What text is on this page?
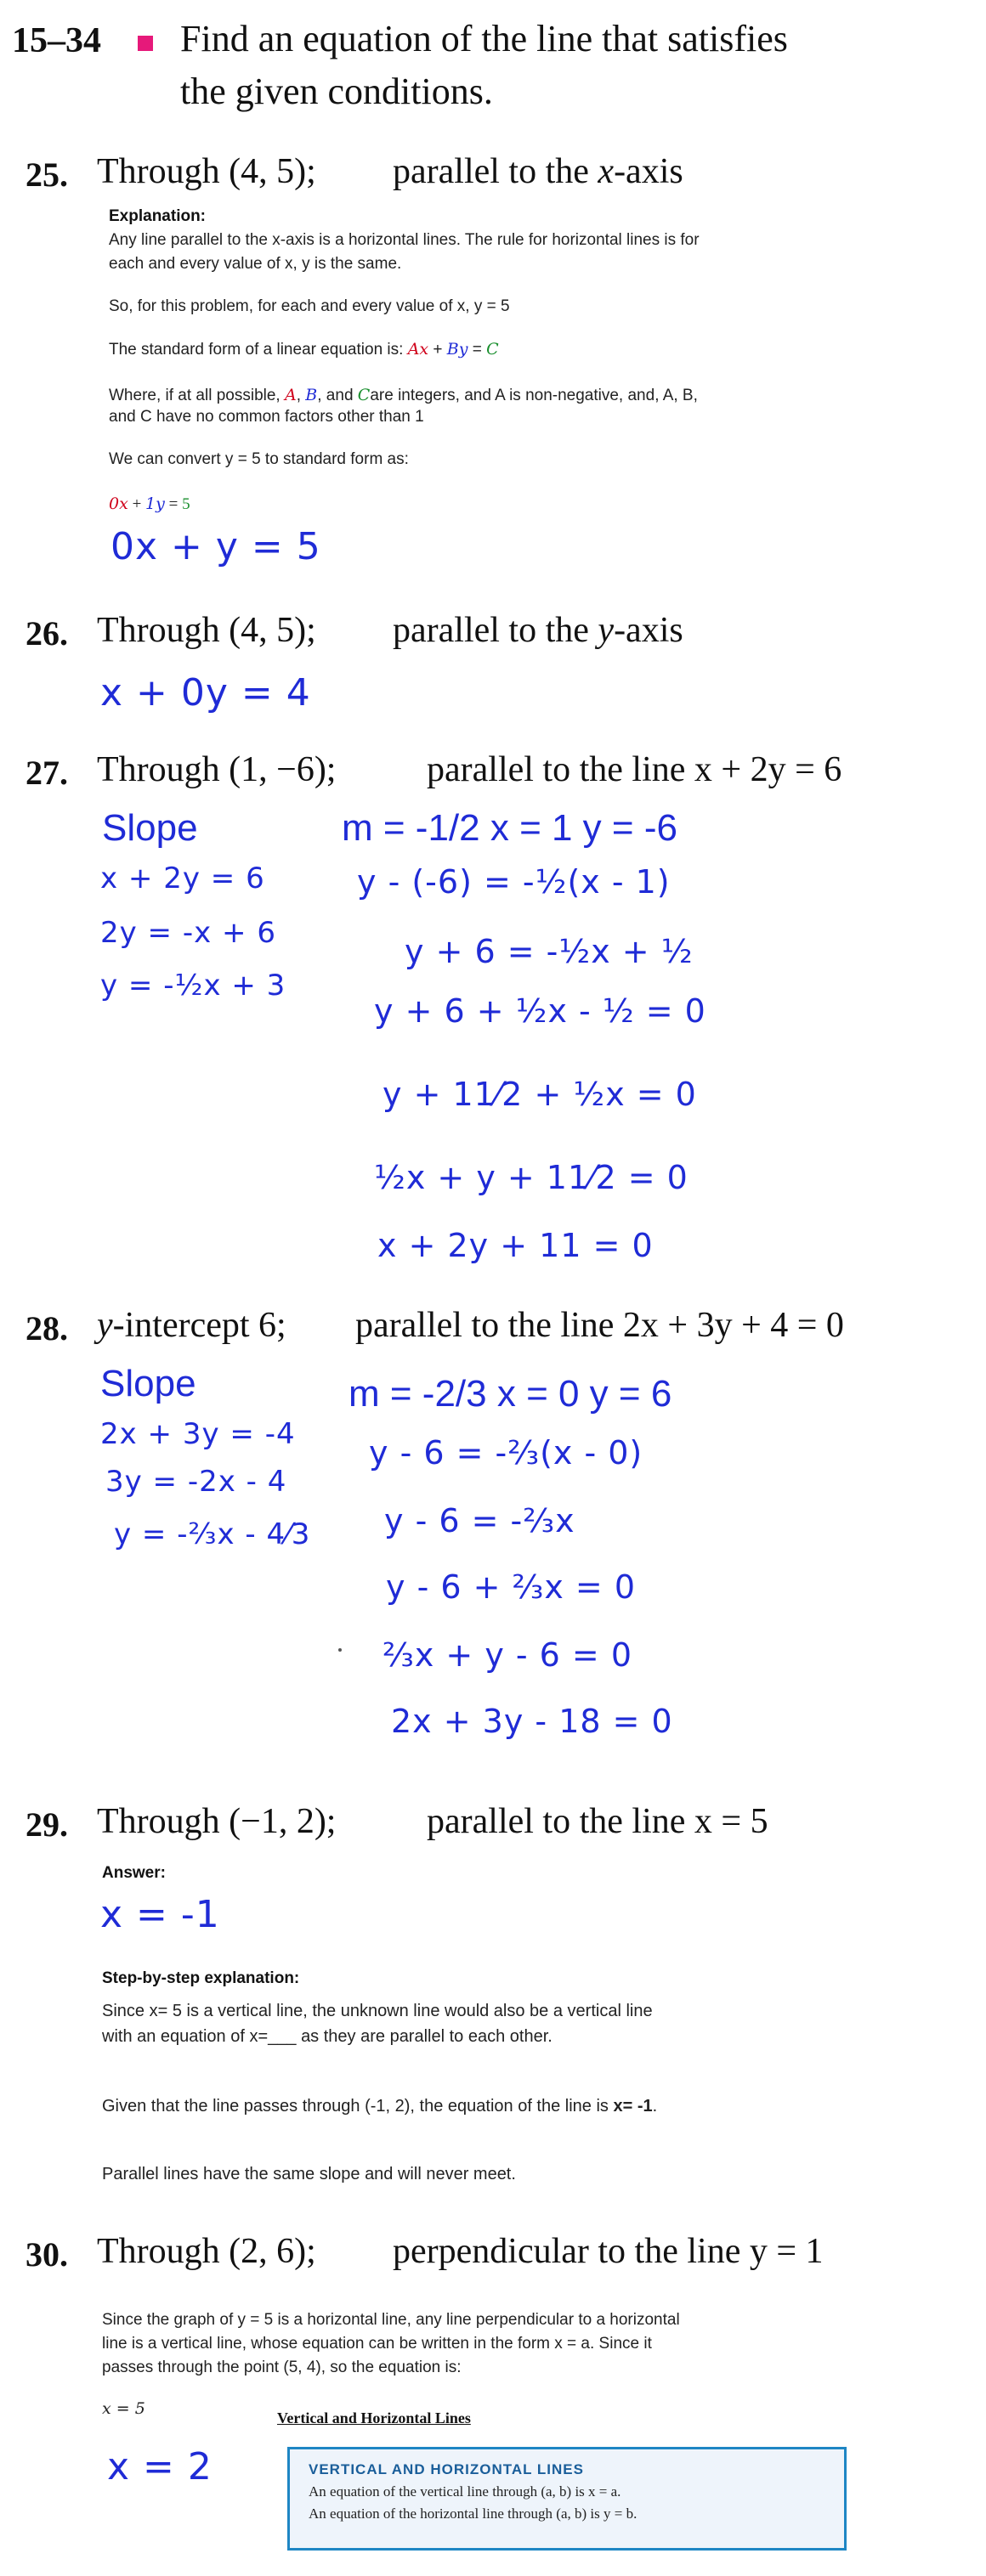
15–34 Find an equation of the line that satisfies
the given conditions.
25. Through (4, 5); parallel to the x-axis
Explanation:
Any line parallel to the x-axis is a horizontal lines. The rule for horizontal lines is for
each and every value of x, y is the same.
So, for this problem, for each and every value of x, y = 5
The standard form of a linear equation is: Ax + By = C
Where, if at all possible, A, B, and Care integers, and A is non-negative, and, A, B,
and C have no common factors other than 1
We can convert y = 5 to standard form as:
0x + 1y = 5
0x + y = 5
26. Through (4, 5); parallel to the y-axis
x + 0y = 4
27. Through (1, −6);	parallel to the line x + 2y = 6
Slope
x + 2y = 6
2y = -x + 6
y = -½x + 3
m = -1/2 x = 1 y = -6
y - (-6) = -½(x - 1)
y + 6 = -½x + ½
y + 6 + ½x - ½ = 0
y + 11⁄2 + ½x = 0
½x + y + 11⁄2 = 0
x + 2y + 11 = 0
28. y-intercept 6; parallel to the line 2x + 3y + 4 = 0
Slope
2x + 3y = -4
3y = -2x - 4
y = -⅔x - 4⁄3
m = -2/3 x = 0 y = 6
y - 6 = -⅔(x - 0)
y - 6 = -⅔x
y - 6 + ⅔x = 0
⅔x + y - 6 = 0
2x + 3y - 18 = 0
29. Through (−1, 2);	parallel to the line x = 5
Answer:
x = -1
Step-by-step explanation:
Since x= 5 is a vertical line, the unknown line would also be a vertical line
with an equation of x=___ as they are parallel to each other.
Given that the line passes through (-1, 2), the equation of the line is x= -1.
Parallel lines have the same slope and will never meet.
30. Through (2, 6); perpendicular to the line y = 1
Since the graph of y = 5 is a horizontal line, any line perpendicular to a horizontal
line is a vertical line, whose equation can be written in the form x = a. Since it
passes through the point (5, 4), so the equation is:
x = 5	Vertical and Horizontal Lines
x = 2	VERTICAL AND HORIZONTAL LINES
An equation of the vertical line through (a, b) is x = a.
An equation of the horizontal line through (a, b) is y = b.
